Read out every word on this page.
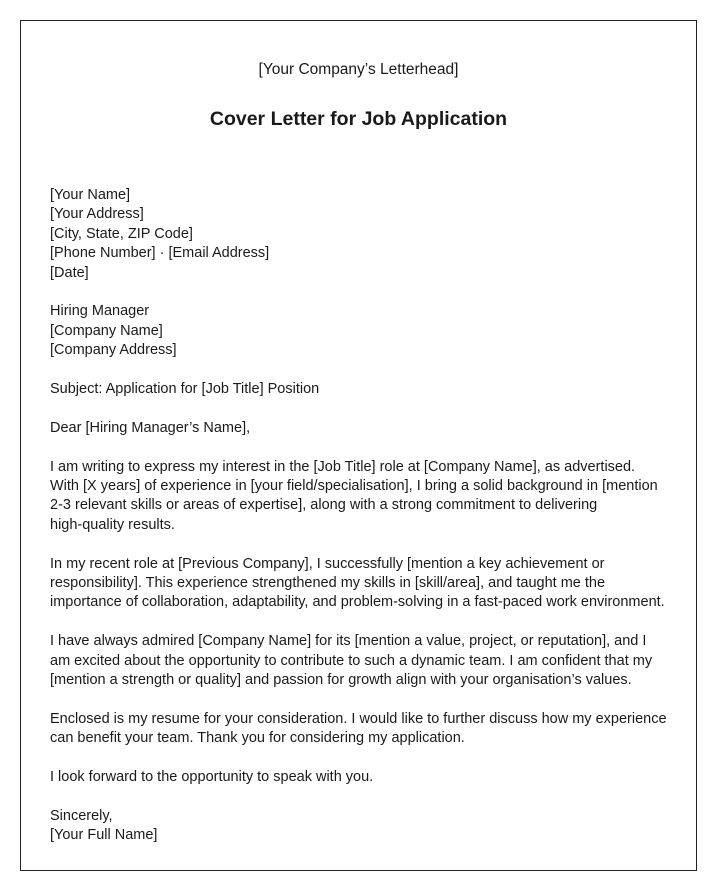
[Your Company’s Letterhead]
Cover Letter for Job Application
[Your Name]
[Your Address]
[City, State, ZIP Code]
[Phone Number] · [Email Address]
[Date]
Hiring Manager
[Company Name]
[Company Address]
Subject: Application for [Job Title] Position
Dear [Hiring Manager’s Name],
I am writing to express my interest in the [Job Title] role at [Company Name], as advertised.
With [X years] of experience in [your field/specialisation], I bring a solid background in [mention
2-3 relevant skills or areas of expertise], along with a strong commitment to delivering
high-quality results.
In my recent role at [Previous Company], I successfully [mention a key achievement or
responsibility]. This experience strengthened my skills in [skill/area], and taught me the
importance of collaboration, adaptability, and problem-solving in a fast-paced work environment.
I have always admired [Company Name] for its [mention a value, project, or reputation], and I
am excited about the opportunity to contribute to such a dynamic team. I am confident that my
[mention a strength or quality] and passion for growth align with your organisation’s values.
Enclosed is my resume for your consideration. I would like to further discuss how my experience
can benefit your team. Thank you for considering my application.
I look forward to the opportunity to speak with you.
Sincerely,
[Your Full Name]
